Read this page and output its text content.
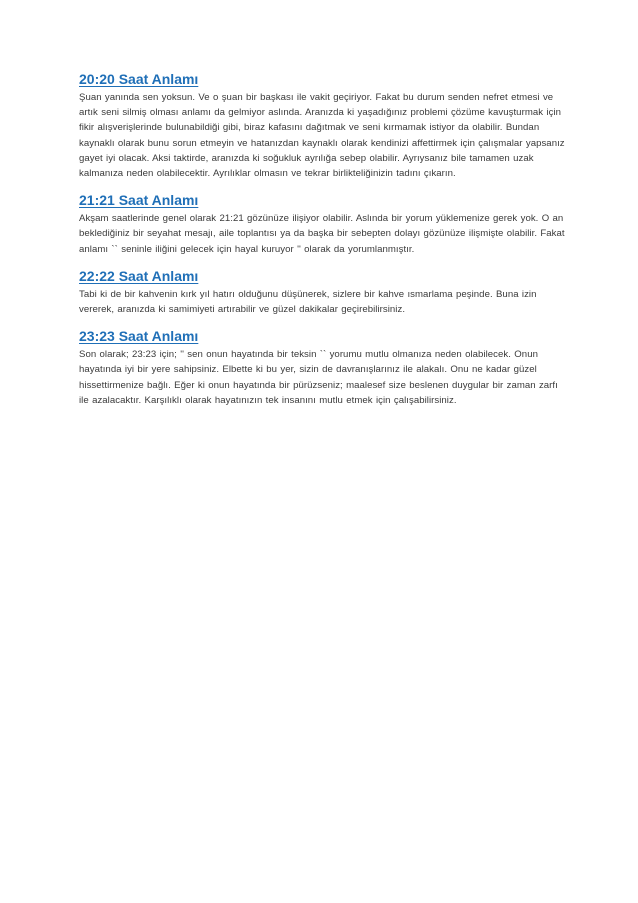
20:20 Saat Anlamı

Şuan yanında sen yoksun. Ve o şuan bir başkası ile vakit geçiriyor. Fakat bu durum senden nefret etmesi ve artık seni silmiş olması anlamı da gelmiyor aslında. Aranızda ki yaşadığınız problemi çözüme kavuşturmak için fikir alışverişlerinde bulunabildiği gibi, biraz kafasını dağıtmak ve seni kırmamak istiyor da olabilir. Bundan kaynaklı olarak bunu sorun etmeyin ve hatanızdan kaynaklı olarak kendinizi affettirmek için çalışmalar yapsanız gayet iyi olacak. Aksi taktirde, aranızda ki soğukluk ayrılığa sebep olabilir. Ayrıysanız bile tamamen uzak kalmanıza neden olabilecektir. Ayrılıklar olmasın ve tekrar birlikteliğinizin tadını çıkarın.

21:21 Saat Anlamı

Akşam saatlerinde genel olarak 21:21 gözünüze ilişiyor olabilir. Aslında bir yorum yüklemenize gerek yok. O an beklediğiniz bir seyahat mesajı, aile toplantısı ya da başka bir sebepten dolayı gözünüze ilişmişte olabilir. Fakat anlamı `` seninle iliğini gelecek için hayal kuruyor '' olarak da yorumlanmıştır.

22:22 Saat Anlamı

Tabi ki de bir kahvenin kırk yıl hatırı olduğunu düşünerek, sizlere bir kahve ısmarlama peşinde. Buna izin vererek, aranızda ki samimiyeti artırabilir ve güzel dakikalar geçirebilirsiniz.

23:23 Saat Anlamı

Son olarak; 23:23 için; '' sen onun hayatında bir teksin `` yorumu mutlu olmanıza neden olabilecek. Onun hayatında iyi bir yere sahipsiniz. Elbette ki bu yer, sizin de davranışlarınız ile alakalı. Onu ne kadar güzel hissettirmenize bağlı. Eğer ki onun hayatında bir pürüzseniz; maalesef size beslenen duygular bir zaman zarfı ile azalacaktır. Karşılıklı olarak hayatınızın tek insanını mutlu etmek için çalışabilirsiniz.
